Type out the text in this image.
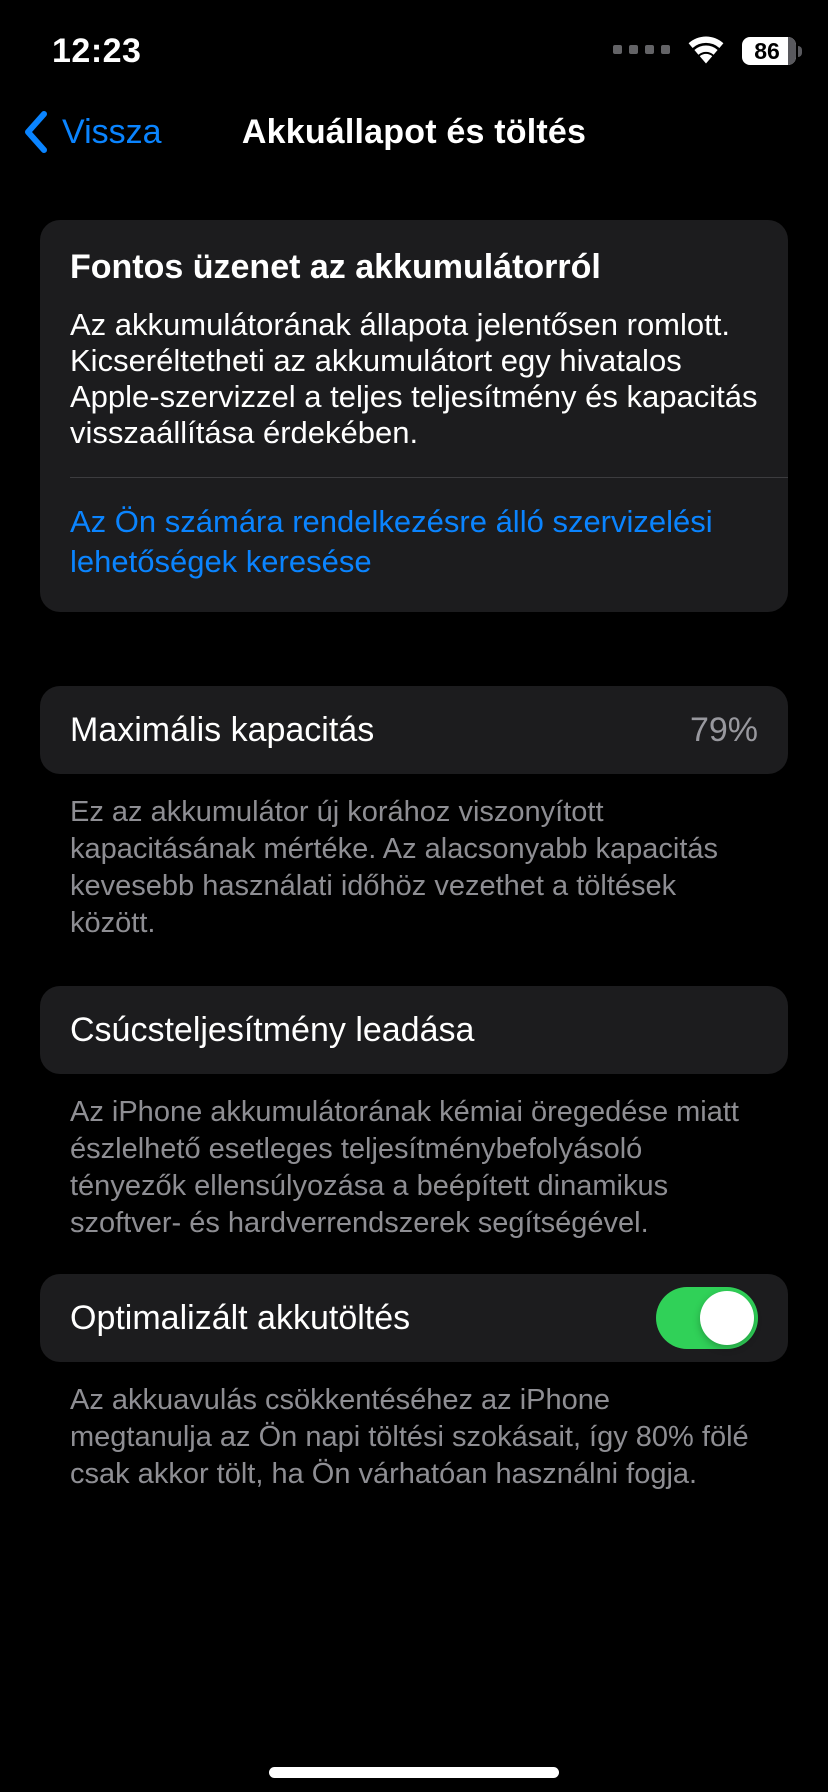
12:23	86
Vissza Akkuállapot és töltés
Fontos üzenet az akkumulátorról
Az akkumulátorának állapota jelentősen romlott. Kicseréltetheti az akkumulátort egy hivatalos Apple-szervizzel a teljes teljesítmény és kapacitás visszaállítása érdekében.
Az Ön számára rendelkezésre álló szervizelési lehetőségek keresése
Maximális kapacitás	79%
Ez az akkumulátor új korához viszonyított kapacitásának mértéke. Az alacsonyabb kapacitás kevesebb használati időhöz vezethet a töltések között.
Csúcsteljesítmény leadása
Az iPhone akkumulátorának kémiai öregedése miatt észlelhető esetleges teljesítménybefolyásoló tényezők ellensúlyozása a beépített dinamikus szoftver- és hardverrendszerek segítségével.
Optimalizált akkutöltés
Az akkuavulás csökkentéséhez az iPhone megtanulja az Ön napi töltési szokásait, így 80% fölé csak akkor tölt, ha Ön várhatóan használni fogja.
